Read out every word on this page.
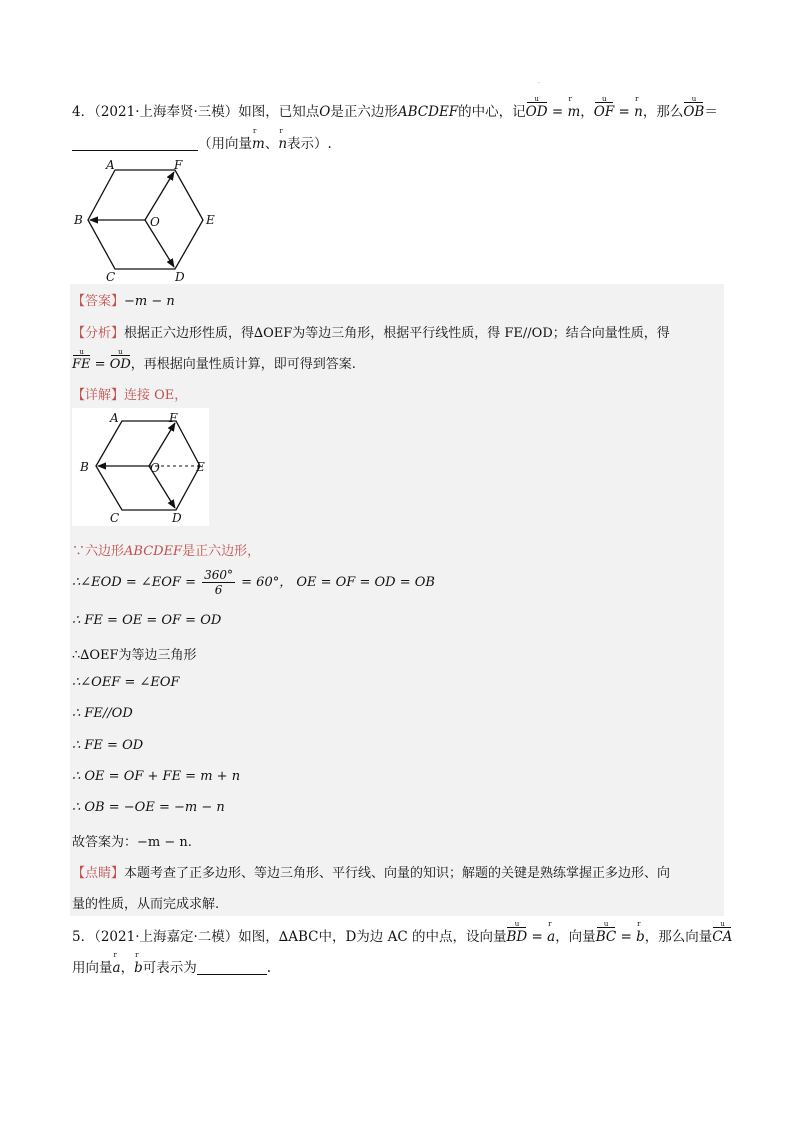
·
4．（2021·上海奉贤·三模）如图，已知点O是正六边形ABCDEF的中心，记OD u = m r，OF u = n r，那么OB u＝
（用向量m r、n r表示）.
A	F
B	E
O
C	D
【答案】−m − n
【分析】根据正六边形性质，得∆OEF为等边三角形，根据平行线性质，得 FE//OD；结合向量性质，得
FE u = OD u，再根据向量性质计算，即可得到答案.
【详解】连接 OE，
A	F
B	E
O
C	D
∵六边形ABCDEF是正六边形，
∴∠EOD = ∠EOF = $\frac{360^\circ}{6} = 60^\circ$， OE = OF = OD = OB
∴ FE = OE = OF = OD
∴∆OEF为等边三角形
∴∠OEF = ∠EOF
∴ FE//OD
∴ FE = OD
∴ OE = OF + FE = m + n
∴ OB = −OE = −m − n
故答案为：−m − n.
【点睛】本题考查了正多边形、等边三角形、平行线、向量的知识；解题的关键是熟练掌握正多边形、向
量的性质，从而完成求解.
5．（2021·上海嘉定·二模）如图，∆ABC中，D为边 AC 的中点，设向量BD u = a r，向量BC u = b r，那么向量CA u
用向量a r，b r可表示为	.
